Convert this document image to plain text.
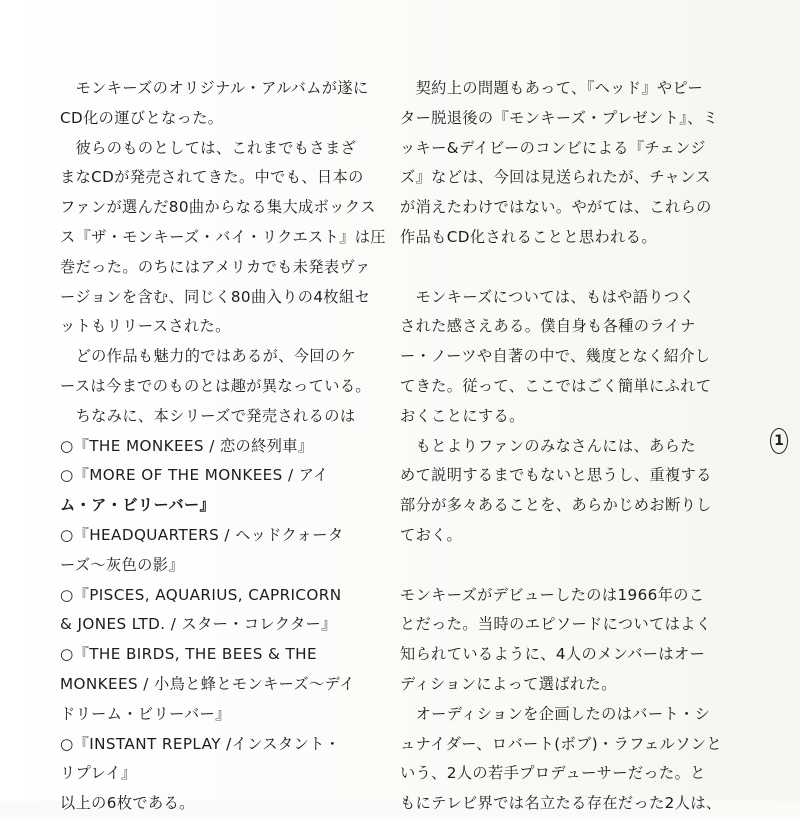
　モンキーズのオリジナル・アルバムが遂に
CD化の運びとなった。
　彼らのものとしては、これまでもさまざ
まなCDが発売されてきた。中でも、日本の
ファンが選んだ80曲からなる集大成ボックス
ス『ザ・モンキーズ・バイ・リクエスト』は圧
巻だった。のちにはアメリカでも未発表ヴァ
ージョンを含む、同じく80曲入りの4枚組セ
ットもリリースされた。
　どの作品も魅力的ではあるが、今回のケ
ースは今までのものとは趣が異なっている。
　ちなみに、本シリーズで発売されるのは
○『THE MONKEES / 恋の終列車』
○『MORE OF THE MONKEES / アイ
ム・ア・ビリーバー』
○『HEADQUARTERS / ヘッドクォータ
ーズ〜灰色の影』
○『PISCES, AQUARIUS, CAPRICORN
& JONES LTD. / スター・コレクター』
○『THE BIRDS, THE BEES & THE
MONKEES / 小鳥と蜂とモンキーズ〜デイ
ドリーム・ビリーバー』
○『INSTANT REPLAY /インスタント・
リプレイ』
以上の6枚である。
　契約上の問題もあって、『ヘッド』やピー
ター脱退後の『モンキーズ・プレゼント』、ミ
ッキー&デイビーのコンビによる『チェンジ
ズ』などは、今回は見送られたが、チャンス
が消えたわけではない。やがては、これらの
作品もCD化されることと思われる。
　モンキーズについては、もはや語りつく
された感さえある。僕自身も各種のライナ
ー・ノーツや自著の中で、幾度となく紹介し
てきた。従って、ここではごく簡単にふれて
おくことにする。
　もとよりファンのみなさんには、あらた
めて説明するまでもないと思うし、重複する
部分が多々あることを、あらかじめお断りし
ておく。
モンキーズがデビューしたのは1966年のこ
とだった。当時のエピソードについてはよく
知られているように、4人のメンバーはオー
ディションによって選ばれた。
　オーディションを企画したのはバート・シ
ュナイダー、ロバート(ボブ)・ラフェルソンと
いう、2人の若手プロデューサーだった。と
もにテレビ界では名立たる存在だった2人は、
1
